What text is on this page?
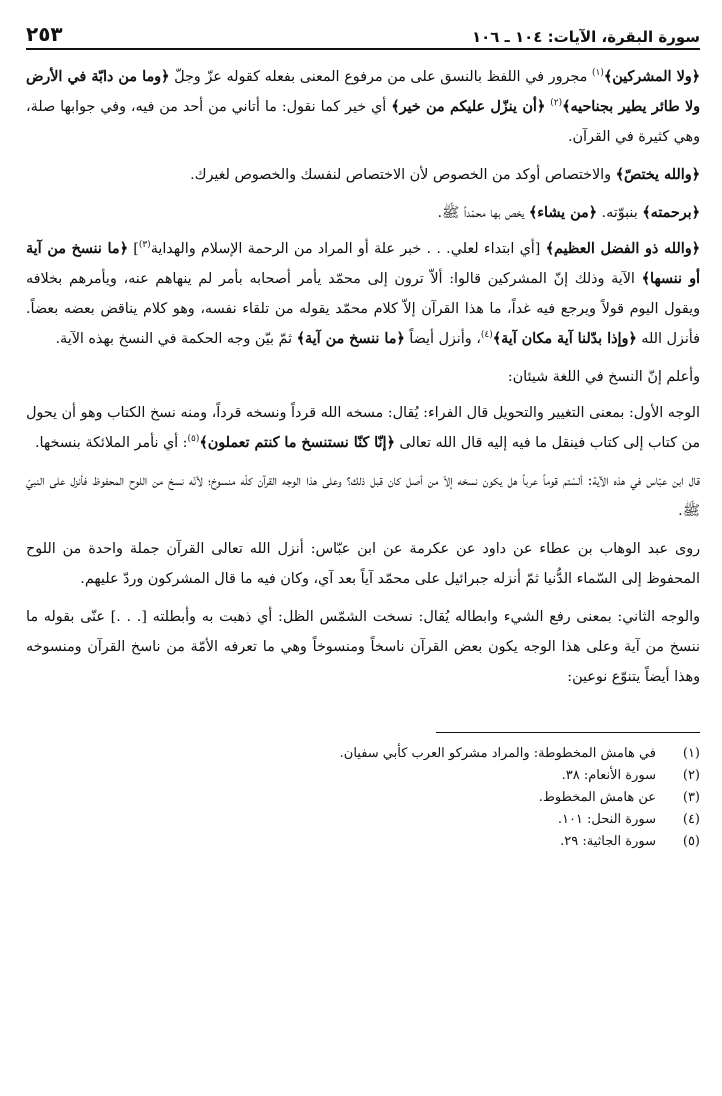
سورة البقرة، الآيات: ١٠٤ ـ ١٠٦
٢٥٣

﴿ولا المشركين﴾$^{(١)}$ مجرور في اللفظ بالنسق على من مرفوع المعنى بفعله كقوله عزّ وجلّ ﴿وما من دابّة في الأرض ولا طائر يطير بجناحيه﴾$^{(٢)}$ ﴿أن ينزّل عليكم من خير﴾ أي خير كما نقول: ما أتاني من أحد من فيه، وفي جوابها صلة، وهي كثيرة في القرآن.

﴿والله يختصّ﴾ والاختصاص أوكد من الخصوص لأن الاختصاص لنفسك والخصوص لغيرك.

﴿برحمته﴾ بنبوّته. ﴿من يشاء﴾ يخص بها محمّداً ﷺ.

﴿والله ذو الفضل العظيم﴾ [أي ابتداء لعلي. . . خبر علة أو المراد من الرحمة الإسلام والهداية$^{(٣)}$] ﴿ما ننسخ من آية أو ننسها﴾ الآية وذلك إنّ المشركين قالوا: ألاّ ترون إلى محمّد يأمر أصحابه بأمر لم ينهاهم عنه، ويأمرهم بخلافه ويقول اليوم قولاً ويرجع فيه غداً، ما هذا القرآن إلاّ كلام محمّد يقوله من تلقاء نفسه، وهو كلام يناقض بعضه بعضاً. فأنزل الله ﴿وإذا بدّلنا آية مكان آية﴾$^{(٤)}$، وأنزل أيضاً ﴿ما ننسخ من آية﴾ ثمّ بيّن وجه الحكمة في النسخ بهذه الآية.

وأعلم إنّ النسخ في اللغة شيئان:

الوجه الأول: بمعنى التغيير والتحويل قال الفراء: يُقال: مسخه الله قرداً ونسخه قرداً، ومنه نسخ الكتاب وهو أن يحول من كتاب إلى كتاب فينقل ما فيه إليه قال الله تعالى ﴿إنّا كنّا نستنسخ ما كنتم تعملون﴾$^{(٥)}$: أي نأمر الملائكة بنسخها.

قال ابن عبّاس في هذه الآية: ألسْتم قوماً عرباً هل يكون نسخه إلاّ من أصل كان قبل ذلك؟ وعلى هذا الوجه القرآن كلّه منسوخ؛ لأنّه نسخ من اللوح المحفوظ فأنزل على النبيّ ﷺ.

روى عبد الوهاب بن عطاء عن داود عن عكرمة عن ابن عبّاس: أنزل الله تعالى القرآن جملة واحدة من اللوح المحفوظ إلى السّماء الدُّنيا ثمّ أنزله جبرائيل على محمّد آياً بعد آي، وكان فيه ما قال المشركون وردّ عليهم.

والوجه الثاني: بمعنى رفع الشيء وابطاله يُقال: نسخت الشمّس الظل: أي ذهبت به وأبطلته [. . .] عنّى بقوله ما ننسخ من آية وعلى هذا الوجه يكون بعض القرآن ناسخاً ومنسوخاً وهي ما تعرفه الأمّة من ناسخ القرآن ومنسوخه وهذا أيضاً يتنوّع نوعين:

(١)
في هامش المخطوطة: والمراد مشركو العرب كأبي سفيان.
(٢)
سورة الأنعام: ٣٨.
(٣)
عن هامش المخطوط.
(٤)
سورة النحل: ١٠١.
(٥)
سورة الجاثية: ٢٩.
